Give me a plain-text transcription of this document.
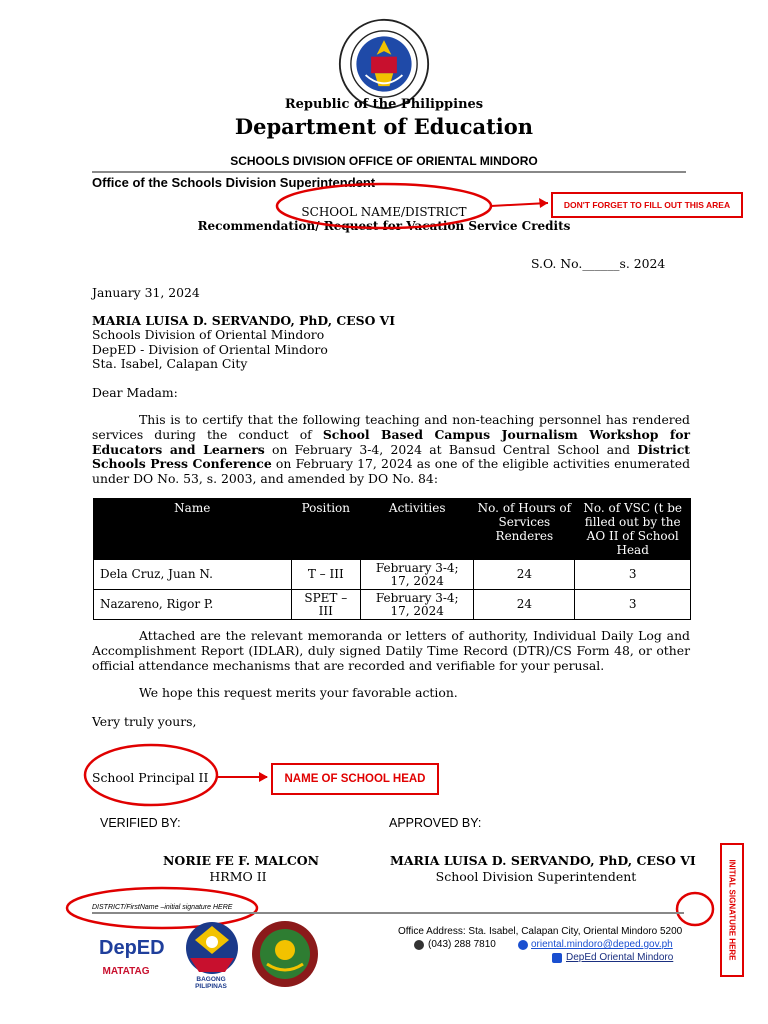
Republic of the Philippines
Department of Education
SCHOOLS DIVISION OFFICE OF ORIENTAL MINDORO
Office of the Schools Division Superintendent
SCHOOL NAME/DISTRICT
Recommendation/ Request for Vacation Service Credits
DON'T FORGET TO FILL OUT THIS AREA
S.O. No.______s. 2024
January 31, 2024
MARIA LUISA D. SERVANDO, PhD, CESO VI
Schools Division of Oriental Mindoro
DepED - Division of Oriental Mindoro
Sta. Isabel, Calapan City
Dear Madam:
This is to certify that the following teaching and non-teaching personnel has rendered services during the conduct of School Based Campus Journalism Workshop for Educators and Learners on February 3-4, 2024 at Bansud Central School and District Schools Press Conference on February 17, 2024 as one of the eligible activities enumerated under DO No. 53, s. 2003, and amended by DO No. 84:
Name	Position	Activities	No. of Hours of Services Renderes	No. of VSC (t be filled out by the AO II of School Head
Dela Cruz, Juan N.	T – III	February 3-4; 17, 2024	24	3
Nazareno, Rigor P.	SPET – III	February 3-4; 17, 2024	24	3
Attached are the relevant memoranda or letters of authority, Individual Daily Log and Accomplishment Report (IDLAR), duly signed Datily Time Record (DTR)/CS Form 48, or other official attendance mechanisms that are recorded and verifiable for your perusal.
We hope this request merits your favorable action.
Very truly yours,
School Principal II	NAME OF SCHOOL HEAD
INITIAL SIGNATURE HERE
VERIFIED BY:	APPROVED BY:
NORIE FE F. MALCON
HRMO II
MARIA LUISA D. SERVANDO, PhD, CESO VI
School Division Superintendent
DISTRICT/FirstName –initial signature HERE
DepED
MATATAG
BAGONG PILIPINAS
Office Address: Sta. Isabel, Calapan City, Oriental Mindoro 5200
(043) 288 7810	oriental.mindoro@deped.gov.ph
DepEd Oriental Mindoro
